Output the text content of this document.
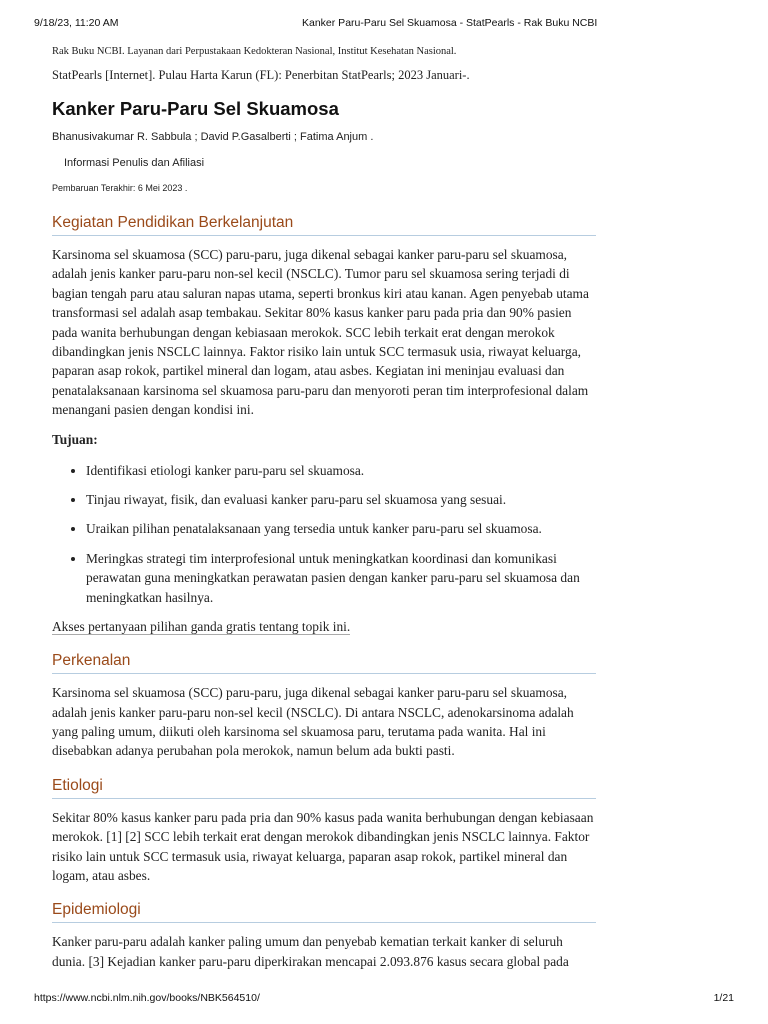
9/18/23, 11:20 AM	Kanker Paru-Paru Sel Skuamosa - StatPearls - Rak Buku NCBI

Rak Buku NCBI. Layanan dari Perpustakaan Kedokteran Nasional, Institut Kesehatan Nasional.

StatPearls [Internet]. Pulau Harta Karun (FL): Penerbitan StatPearls; 2023 Januari-.

Kanker Paru-Paru Sel Skuamosa

Bhanusivakumar R. Sabbula ; David P.Gasalberti ; Fatima Anjum .

Informasi Penulis dan Afiliasi

Pembaruan Terakhir: 6 Mei 2023 .

Kegiatan Pendidikan Berkelanjutan

Karsinoma sel skuamosa (SCC) paru-paru, juga dikenal sebagai kanker paru-paru sel skuamosa, adalah jenis kanker paru-paru non-sel kecil (NSCLC). Tumor paru sel skuamosa sering terjadi di bagian tengah paru atau saluran napas utama, seperti bronkus kiri atau kanan. Agen penyebab utama transformasi sel adalah asap tembakau. Sekitar 80% kasus kanker paru pada pria dan 90% pasien pada wanita berhubungan dengan kebiasaan merokok. SCC lebih terkait erat dengan merokok dibandingkan jenis NSCLC lainnya. Faktor risiko lain untuk SCC termasuk usia, riwayat keluarga, paparan asap rokok, partikel mineral dan logam, atau asbes. Kegiatan ini meninjau evaluasi dan penatalaksanaan karsinoma sel skuamosa paru-paru dan menyoroti peran tim interprofesional dalam menangani pasien dengan kondisi ini.

Tujuan:

• Identifikasi etiologi kanker paru-paru sel skuamosa.
• Tinjau riwayat, fisik, dan evaluasi kanker paru-paru sel skuamosa yang sesuai.
• Uraikan pilihan penatalaksanaan yang tersedia untuk kanker paru-paru sel skuamosa.
• Meringkas strategi tim interprofesional untuk meningkatkan koordinasi dan komunikasi perawatan guna meningkatkan perawatan pasien dengan kanker paru-paru sel skuamosa dan meningkatkan hasilnya.

Akses pertanyaan pilihan ganda gratis tentang topik ini.

Perkenalan

Karsinoma sel skuamosa (SCC) paru-paru, juga dikenal sebagai kanker paru-paru sel skuamosa, adalah jenis kanker paru-paru non-sel kecil (NSCLC). Di antara NSCLC, adenokarsinoma adalah yang paling umum, diikuti oleh karsinoma sel skuamosa paru, terutama pada wanita. Hal ini disebabkan adanya perubahan pola merokok, namun belum ada bukti pasti.

Etiologi

Sekitar 80% kasus kanker paru pada pria dan 90% kasus pada wanita berhubungan dengan kebiasaan merokok. [1] [2] SCC lebih terkait erat dengan merokok dibandingkan jenis NSCLC lainnya. Faktor risiko lain untuk SCC termasuk usia, riwayat keluarga, paparan asap rokok, partikel mineral dan logam, atau asbes.

Epidemiologi

Kanker paru-paru adalah kanker paling umum dan penyebab kematian terkait kanker di seluruh dunia. [3] Kejadian kanker paru-paru diperkirakan mencapai 2.093.876 kasus secara global pada

https://www.ncbi.nlm.nih.gov/books/NBK564510/	1/21
